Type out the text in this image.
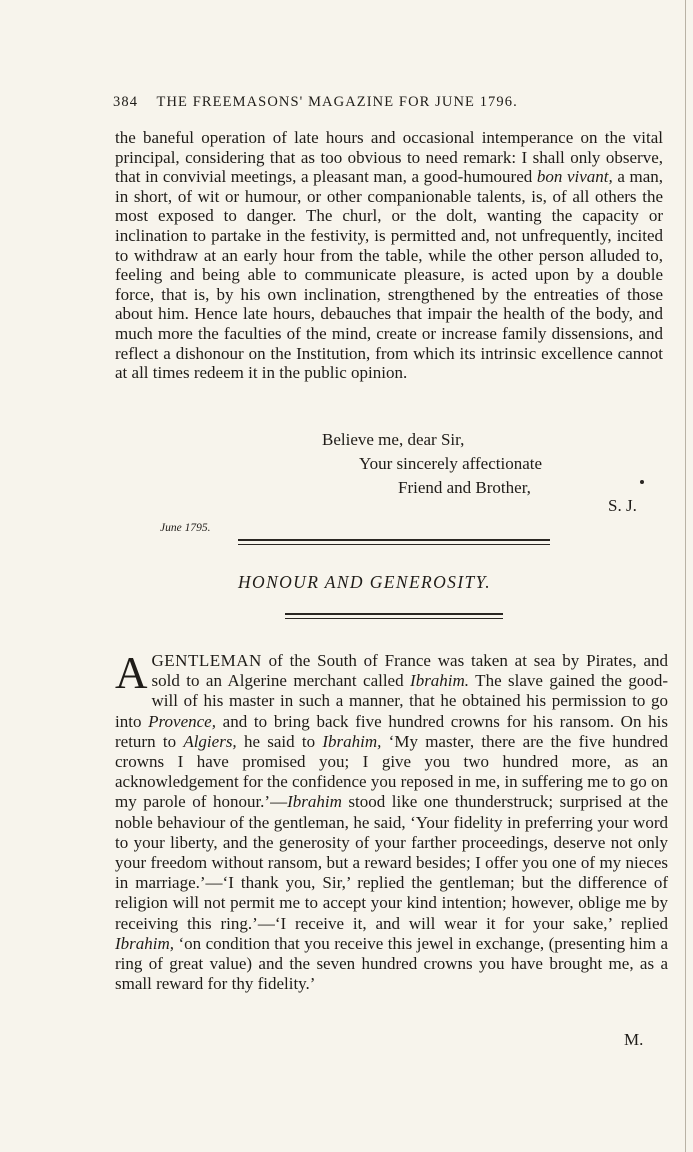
384 THE FREEMASONS' MAGAZINE FOR JUNE 1796.

the baneful operation of late hours and occasional intemperance on the vital principal, considering that as too obvious to need remark: I shall only observe, that in convivial meetings, a pleasant man, a good-humoured bon vivant, a man, in short, of wit or humour, or other companionable talents, is, of all others the most exposed to danger. The churl, or the dolt, wanting the capacity or inclination to partake in the festivity, is permitted and, not unfrequently, incited to withdraw at an early hour from the table, while the other person alluded to, feeling and being able to communicate pleasure, is acted upon by a double force, that is, by his own inclination, strengthened by the entreaties of those about him. Hence late hours, debauches that impair the health of the body, and much more the faculties of the mind, create or increase family dissensions, and reflect a dishonour on the Institution, from which its intrinsic excellence cannot at all times redeem it in the public opinion.

Believe me, dear Sir,
Your sincerely affectionate
Friend and Brother,
S. J.
June 1795.
HONOUR AND GENEROSITY.
A GENTLEMAN of the South of France was taken at sea by Pirates, and sold to an Algerine merchant called Ibrahim. The slave gained the good-will of his master in such a manner, that he obtained his permission to go into Provence, and to bring back five hundred crowns for his ransom. On his return to Algiers, he said to Ibrahim, ‘My master, there are the five hundred crowns I have promised you; I give you two hundred more, as an acknowledgement for the confidence you reposed in me, in suffering me to go on my parole of honour.’—Ibrahim stood like one thunderstruck; surprised at the noble behaviour of the gentleman, he said, ‘Your fidelity in preferring your word to your liberty, and the generosity of your farther proceedings, deserve not only your freedom without ransom, but a reward besides; I offer you one of my nieces in marriage.’—‘I thank you, Sir,’ replied the gentleman; but the difference of religion will not permit me to accept your kind intention; however, oblige me by receiving this ring.’—‘I receive it, and will wear it for your sake,’ replied Ibrahim, ‘on condition that you receive this jewel in exchange, (presenting him a ring of great value) and the seven hundred crowns you have brought me, as a small reward for thy fidelity.’
M.
